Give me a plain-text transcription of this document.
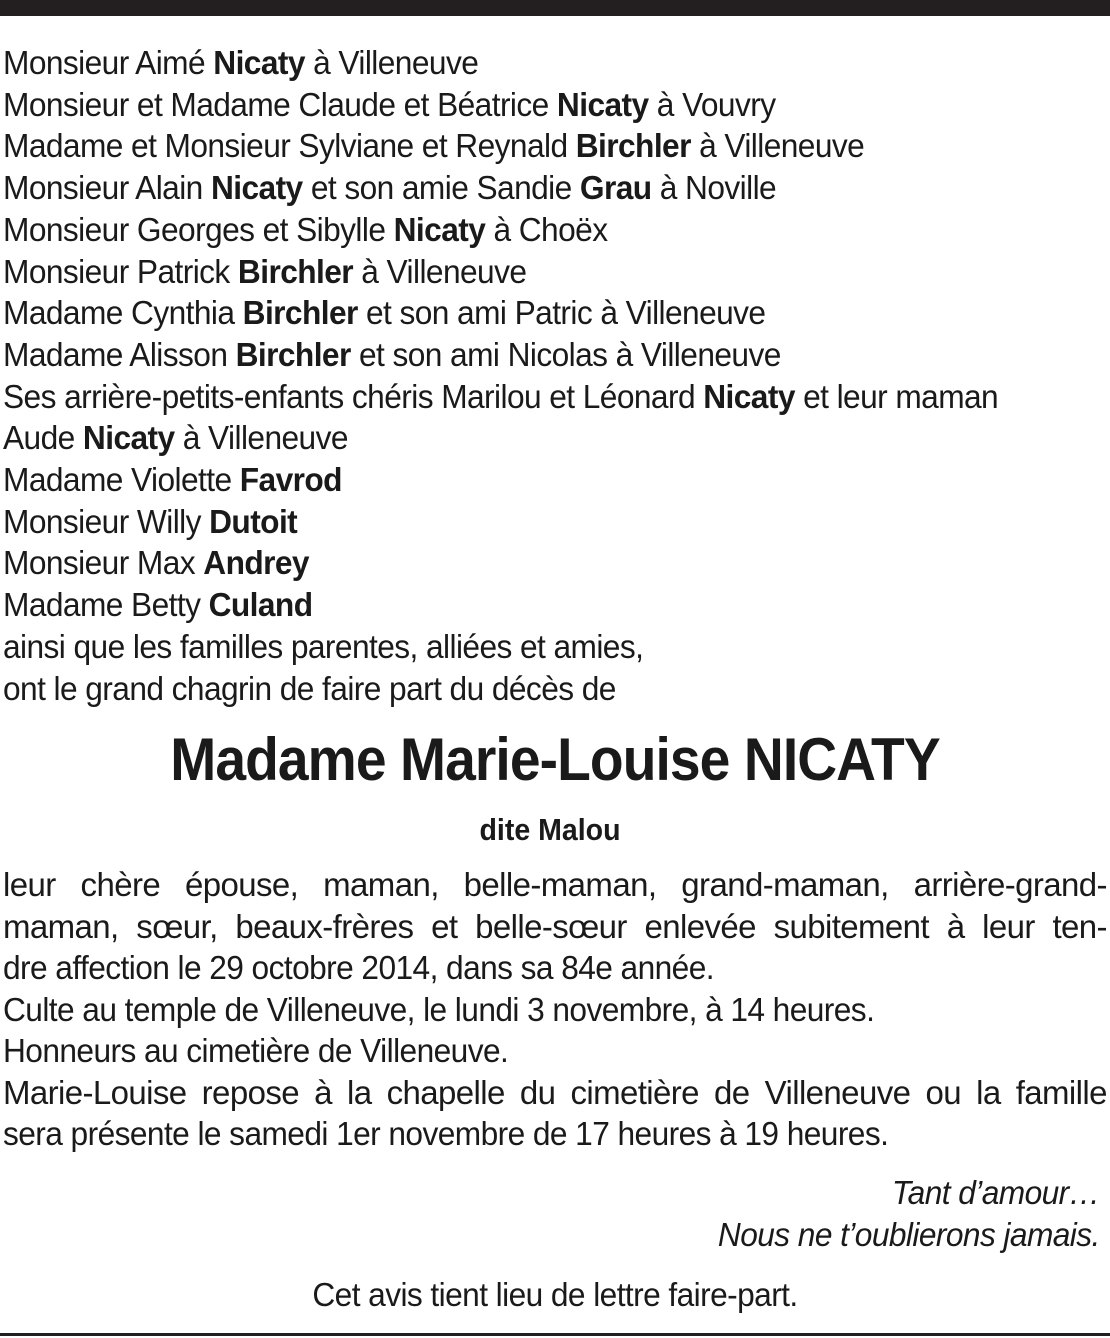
Monsieur Aimé Nicaty à Villeneuve
Monsieur et Madame Claude et Béatrice Nicaty à Vouvry
Madame et Monsieur Sylviane et Reynald Birchler à Villeneuve
Monsieur Alain Nicaty et son amie Sandie Grau à Noville
Monsieur Georges et Sibylle Nicaty à Choëx
Monsieur Patrick Birchler à Villeneuve
Madame Cynthia Birchler et son ami Patric à Villeneuve
Madame Alisson Birchler et son ami Nicolas à Villeneuve
Ses arrière-petits-enfants chéris Marilou et Léonard Nicaty et leur maman
Aude Nicaty à Villeneuve
Madame Violette Favrod
Monsieur Willy Dutoit
Monsieur Max Andrey
Madame Betty Culand
ainsi que les familles parentes, alliées et amies,
ont le grand chagrin de faire part du décès de
Madame Marie-Louise NICATY
dite Malou
leur chère épouse, maman, belle-maman, grand-maman, arrière-grand-
maman, sœur, beaux-frères et belle-sœur enlevée subitement à leur ten-
dre affection le 29 octobre 2014, dans sa 84e année.
Culte au temple de Villeneuve, le lundi 3 novembre, à 14 heures.
Honneurs au cimetière de Villeneuve.
Marie-Louise repose à la chapelle du cimetière de Villeneuve ou la famille
sera présente le samedi 1er novembre de 17 heures à 19 heures.
Tant d’amour…
Nous ne t’oublierons jamais.
Cet avis tient lieu de lettre faire-part.
